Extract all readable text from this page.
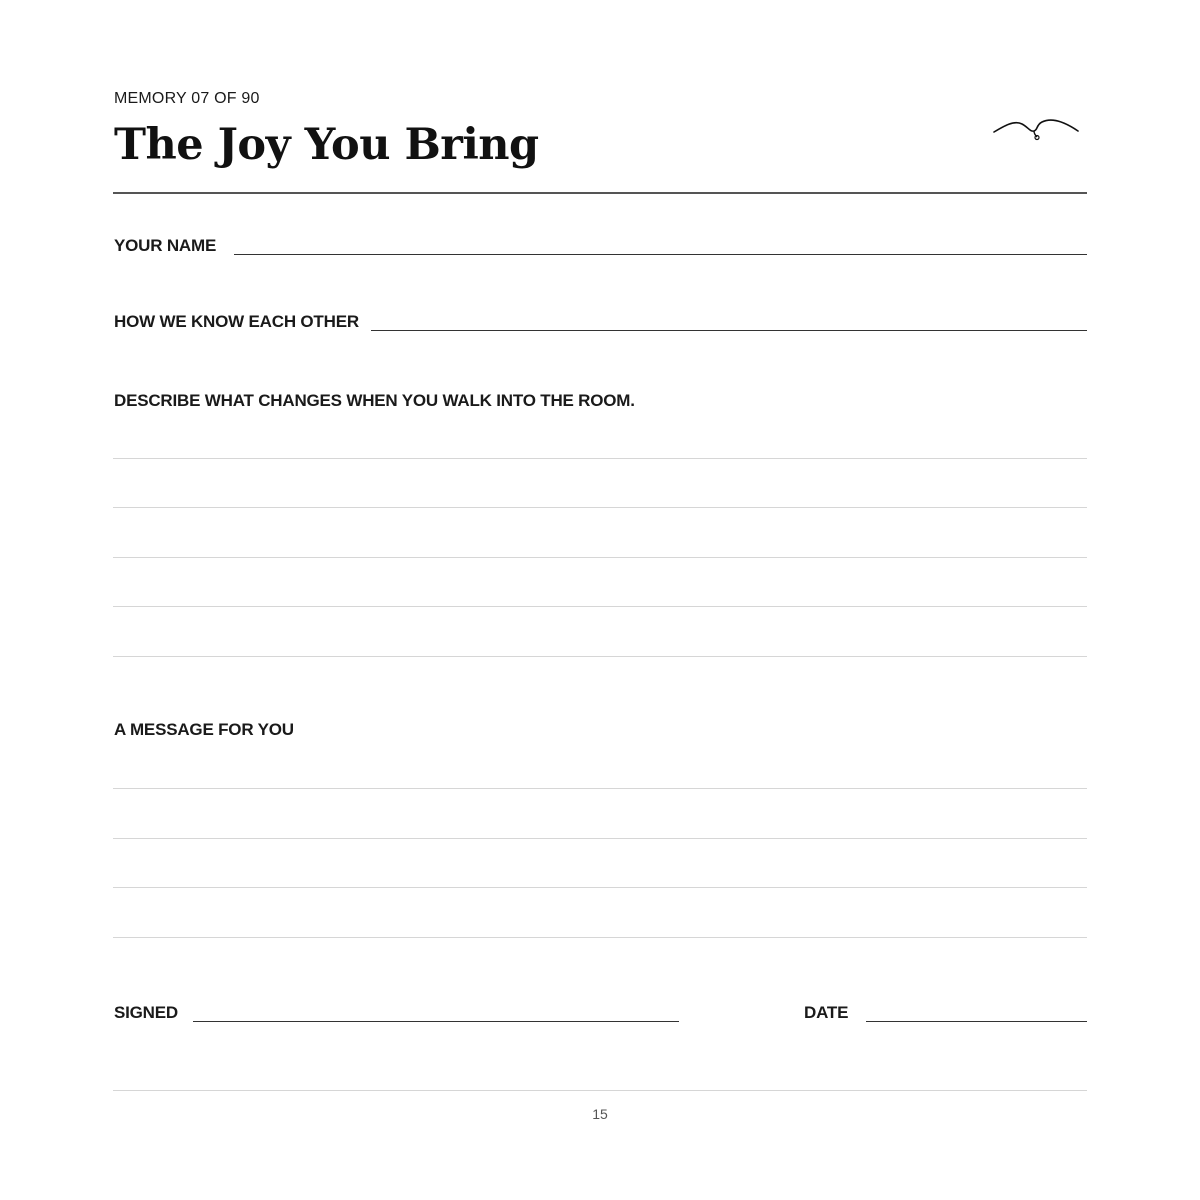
MEMORY 07 OF 90
The Joy You Bring
YOUR NAME
HOW WE KNOW EACH OTHER
DESCRIBE WHAT CHANGES WHEN YOU WALK INTO THE ROOM.
A MESSAGE FOR YOU
SIGNED	DATE
15
